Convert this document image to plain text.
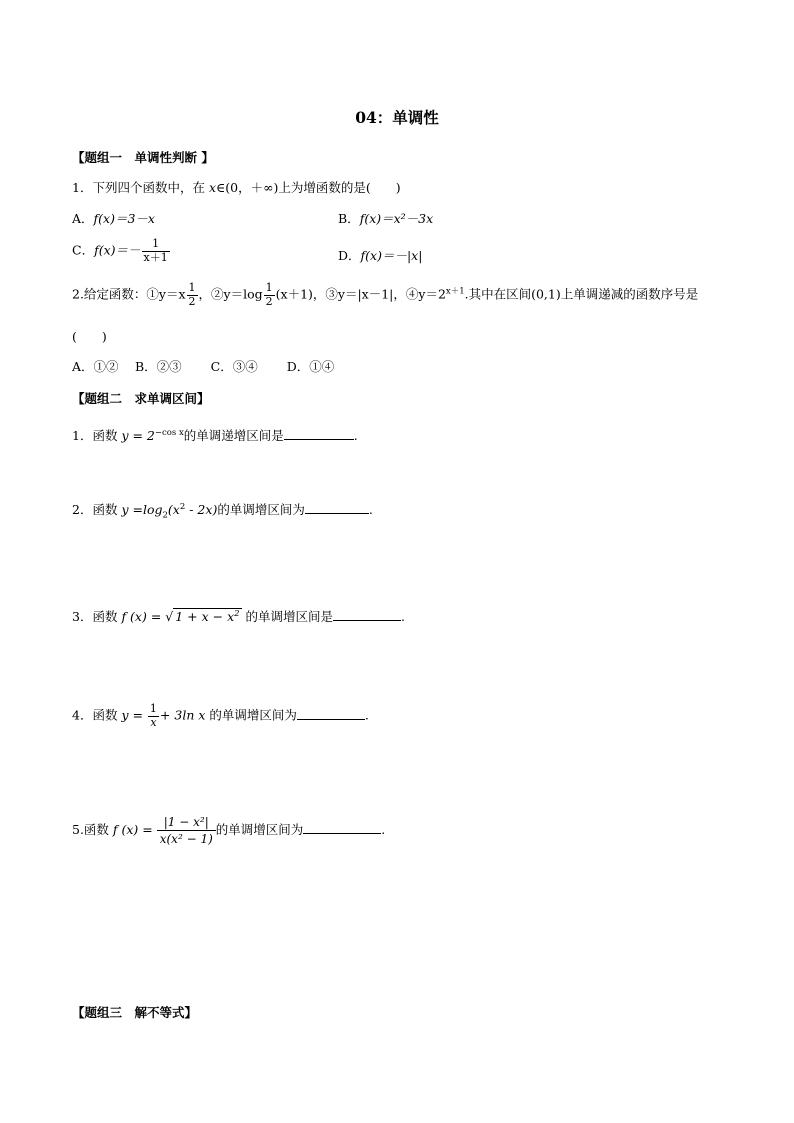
04：单调性
【题组一　单调性判断 】
1．下列四个函数中，在 x∈(0，＋∞)上为增函数的是(　　)
A．f(x)＝3－x	B．f(x)＝x²－3x
C．$f(x)=- \frac{1}{x+1}$	D．f(x)＝－|x|
2.给定函数：①y＝x $\frac{1}{2}$ ，②y＝log $\frac{1}{2} (x+1)$，③y＝|x－1|，$④y=2^{x+1}$.其中在区间(0,1)上单调递减的函数序号是
(　　)
A．①②　 B．②③　　 C．③④　　 D．①④
【题组二　求单调区间】
1．函数 $y = 2^{-cos x}$的单调递增区间是	.
2．函数 $y =\log_2(x^2 - 2x)$的单调增区间为	.
3．函数 f (x) = √ $1 + x - x^2$ 的单调增区间是	.
4．函数 $y = \frac{1}{x} + 3\ln$ x 的单调增区间为	.
5.函数 f $(x) = \frac{\text{|1 − x²|}}{\text{x(x² − 1)}}$ 的单调增区间为	.
【题组三　解不等式】
